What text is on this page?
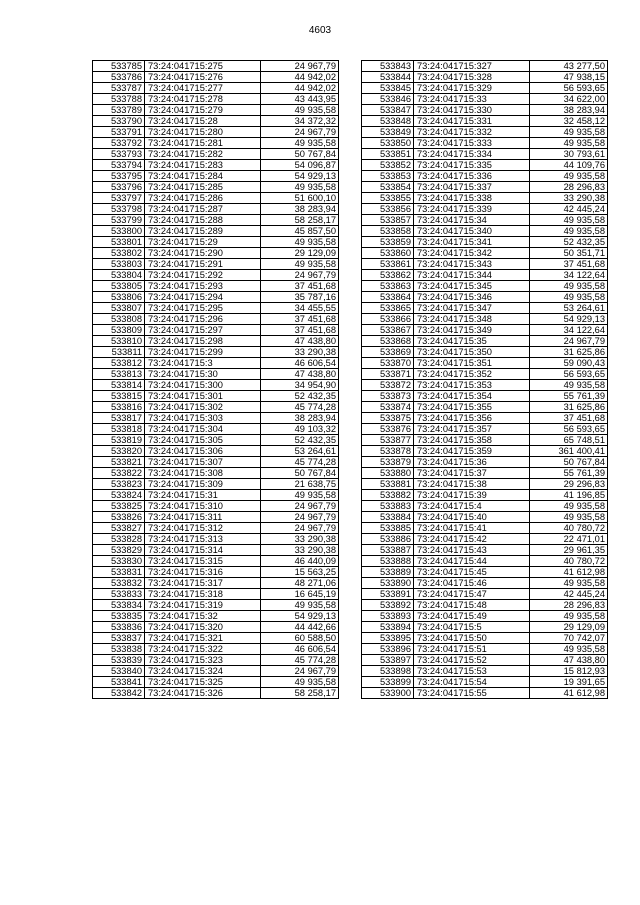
4603
533785	73:24:041715:275	24 967,79
533786	73:24:041715:276	44 942,02
533787	73:24:041715:277	44 942,02
533788	73:24:041715:278	43 443,95
533789	73:24:041715:279	49 935,58
533790	73:24:041715:28	34 372,32
533791	73:24:041715:280	24 967,79
533792	73:24:041715:281	49 935,58
533793	73:24:041715:282	50 767,84
533794	73:24:041715:283	54 096,87
533795	73:24:041715:284	54 929,13
533796	73:24:041715:285	49 935,58
533797	73:24:041715:286	51 600,10
533798	73:24:041715:287	38 283,94
533799	73:24:041715:288	58 258,17
533800	73:24:041715:289	45 857,50
533801	73:24:041715:29	49 935,58
533802	73:24:041715:290	29 129,09
533803	73:24:041715:291	49 935,58
533804	73:24:041715:292	24 967,79
533805	73:24:041715:293	37 451,68
533806	73:24:041715:294	35 787,16
533807	73:24:041715:295	34 455,55
533808	73:24:041715:296	37 451,68
533809	73:24:041715:297	37 451,68
533810	73:24:041715:298	47 438,80
533811	73:24:041715:299	33 290,38
533812	73:24:041715:3	46 606,54
533813	73:24:041715:30	47 438,80
533814	73:24:041715:300	34 954,90
533815	73:24:041715:301	52 432,35
533816	73:24:041715:302	45 774,28
533817	73:24:041715:303	38 283,94
533818	73:24:041715:304	49 103,32
533819	73:24:041715:305	52 432,35
533820	73:24:041715:306	53 264,61
533821	73:24:041715:307	45 774,28
533822	73:24:041715:308	50 767,84
533823	73:24:041715:309	21 638,75
533824	73:24:041715:31	49 935,58
533825	73:24:041715:310	24 967,79
533826	73:24:041715:311	24 967,79
533827	73:24:041715:312	24 967,79
533828	73:24:041715:313	33 290,38
533829	73:24:041715:314	33 290,38
533830	73:24:041715:315	46 440,09
533831	73:24:041715:316	15 563,25
533832	73:24:041715:317	48 271,06
533833	73:24:041715:318	16 645,19
533834	73:24:041715:319	49 935,58
533835	73:24:041715:32	54 929,13
533836	73:24:041715:320	44 442,66
533837	73:24:041715:321	60 588,50
533838	73:24:041715:322	46 606,54
533839	73:24:041715:323	45 774,28
533840	73:24:041715:324	24 967,79
533841	73:24:041715:325	49 935,58
533842	73:24:041715:326	58 258,17
533843	73:24:041715:327	43 277,50
533844	73:24:041715:328	47 938,15
533845	73:24:041715:329	56 593,65
533846	73:24:041715:33	34 622,00
533847	73:24:041715:330	38 283,94
533848	73:24:041715:331	32 458,12
533849	73:24:041715:332	49 935,58
533850	73:24:041715:333	49 935,58
533851	73:24:041715:334	30 793,61
533852	73:24:041715:335	44 109,76
533853	73:24:041715:336	49 935,58
533854	73:24:041715:337	28 296,83
533855	73:24:041715:338	33 290,38
533856	73:24:041715:339	42 445,24
533857	73:24:041715:34	49 935,58
533858	73:24:041715:340	49 935,58
533859	73:24:041715:341	52 432,35
533860	73:24:041715:342	50 351,71
533861	73:24:041715:343	37 451,68
533862	73:24:041715:344	34 122,64
533863	73:24:041715:345	49 935,58
533864	73:24:041715:346	49 935,58
533865	73:24:041715:347	53 264,61
533866	73:24:041715:348	54 929,13
533867	73:24:041715:349	34 122,64
533868	73:24:041715:35	24 967,79
533869	73:24:041715:350	31 625,86
533870	73:24:041715:351	59 090,43
533871	73:24:041715:352	56 593,65
533872	73:24:041715:353	49 935,58
533873	73:24:041715:354	55 761,39
533874	73:24:041715:355	31 625,86
533875	73:24:041715:356	37 451,68
533876	73:24:041715:357	56 593,65
533877	73:24:041715:358	65 748,51
533878	73:24:041715:359	361 400,41
533879	73:24:041715:36	50 767,84
533880	73:24:041715:37	55 761,39
533881	73:24:041715:38	29 296,83
533882	73:24:041715:39	41 196,85
533883	73:24:041715:4	49 935,58
533884	73:24:041715:40	49 935,58
533885	73:24:041715:41	40 780,72
533886	73:24:041715:42	22 471,01
533887	73:24:041715:43	29 961,35
533888	73:24:041715:44	40 780,72
533889	73:24:041715:45	41 612,98
533890	73:24:041715:46	49 935,58
533891	73:24:041715:47	42 445,24
533892	73:24:041715:48	28 296,83
533893	73:24:041715:49	49 935,58
533894	73:24:041715:5	29 129,09
533895	73:24:041715:50	70 742,07
533896	73:24:041715:51	49 935,58
533897	73:24:041715:52	47 438,80
533898	73:24:041715:53	15 812,93
533899	73:24:041715:54	19 391,65
533900	73:24:041715:55	41 612,98
